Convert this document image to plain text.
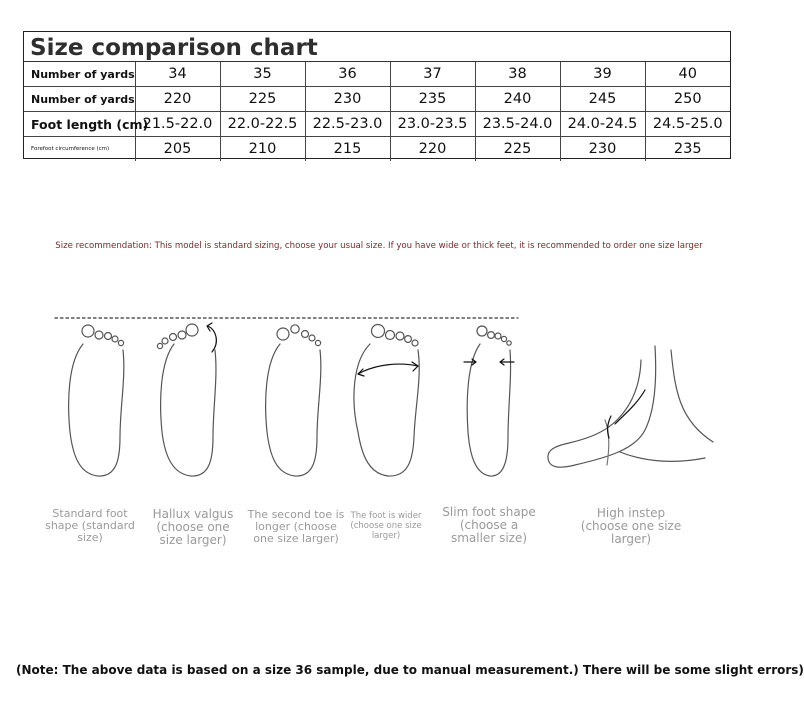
Size comparison chart
Number of yards	34	35	36	37	38	39	40
Number of yards	220	225	230	235	240	245	250
Foot length (cm)	21.5-22.0	22.0-22.5	22.5-23.0	23.0-23.5	23.5-24.0	24.0-24.5	24.5-25.0
Forefoot circumference (cm)	205	210	215	220	225	230	235
Size recommendation: This model is standard sizing, choose your usual size. If you have wide or thick feet, it is recommended to order one size larger
Standard foot shape (standard size)
Hallux valgus (choose one size larger)
The second toe is longer (choose one size larger)
The foot is wider (choose one size larger)
Slim foot shape (choose a smaller size)
High instep (choose one size larger)
(Note: The above data is based on a size 36 sample, due to manual measurement.) There will be some slight errors)
